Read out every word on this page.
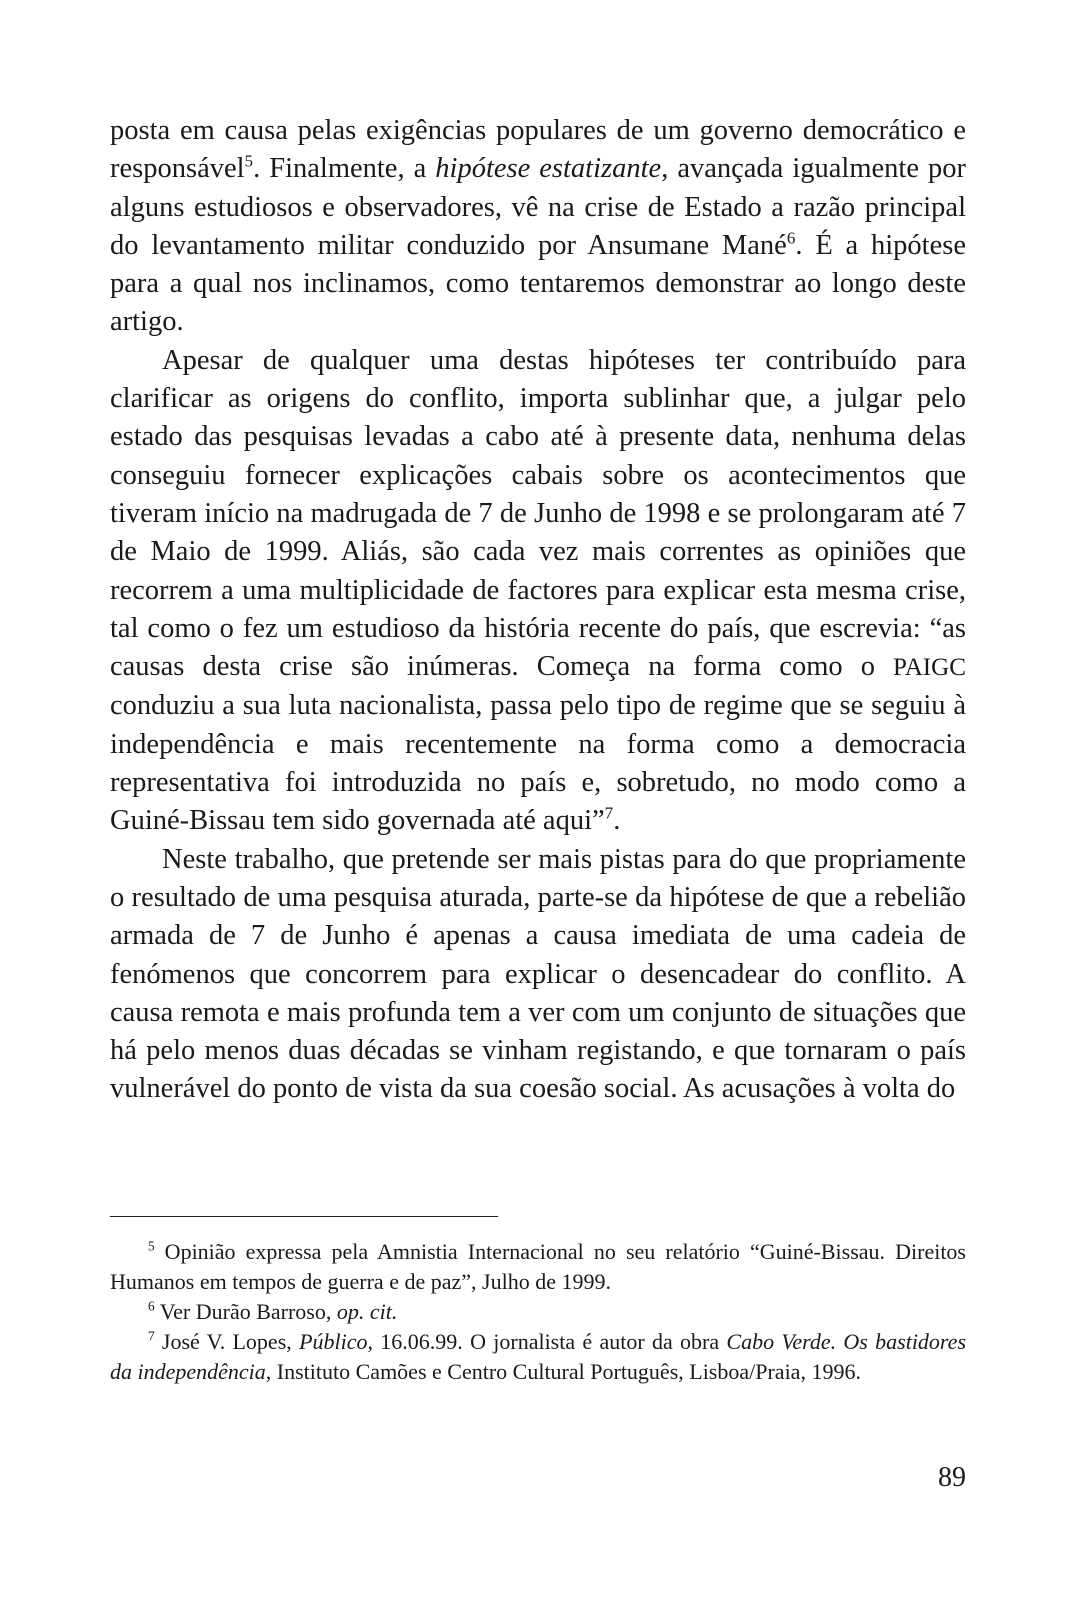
posta em causa pelas exigências populares de um governo democrático e responsável$^5$. Finalmente, a hipótese estatizante, avançada igualmente por alguns estudiosos e observadores, vê na crise de Estado a razão principal do levantamento militar conduzido por Ansumane Mané$^6$. É a hipótese para a qual nos inclinamos, como tentaremos demonstrar ao longo deste artigo.

Apesar de qualquer uma destas hipóteses ter contribuído para clarificar as origens do conflito, importa sublinhar que, a julgar pelo estado das pesquisas levadas a cabo até à presente data, nenhuma delas conseguiu fornecer explicações cabais sobre os acontecimentos que tiveram início na madrugada de 7 de Junho de 1998 e se prolongaram até 7 de Maio de 1999. Aliás, são cada vez mais correntes as opiniões que recorrem a uma multiplicidade de factores para explicar esta mesma crise, tal como o fez um estudioso da história recente do país, que escrevia: “as causas desta crise são inúmeras. Começa na forma como o PAIGC conduziu a sua luta nacionalista, passa pelo tipo de regime que se seguiu à independência e mais recentemente na forma como a democracia representativa foi introduzida no país e, sobretudo, no modo como a Guiné-Bissau tem sido governada até aqui”$^7$.

Neste trabalho, que pretende ser mais pistas para do que propriamente o resultado de uma pesquisa aturada, parte-se da hipótese de que a rebelião armada de 7 de Junho é apenas a causa imediata de uma cadeia de fenómenos que concorrem para explicar o desencadear do conflito. A causa remota e mais profunda tem a ver com um conjunto de situações que há pelo menos duas décadas se vinham registando, e que tornaram o país vulnerável do ponto de vista da sua coesão social. As acusações à volta do

$^5$ Opinião expressa pela Amnistia Internacional no seu relatório “Guiné-Bissau. Direitos Humanos em tempos de guerra e de paz”, Julho de 1999.

$^6$ Ver Durão Barroso, op. cit.

$^7$ José V. Lopes, Público, 16.06.99. O jornalista é autor da obra Cabo Verde. Os bastidores da independência, Instituto Camões e Centro Cultural Português, Lisboa/Praia, 1996.

89
